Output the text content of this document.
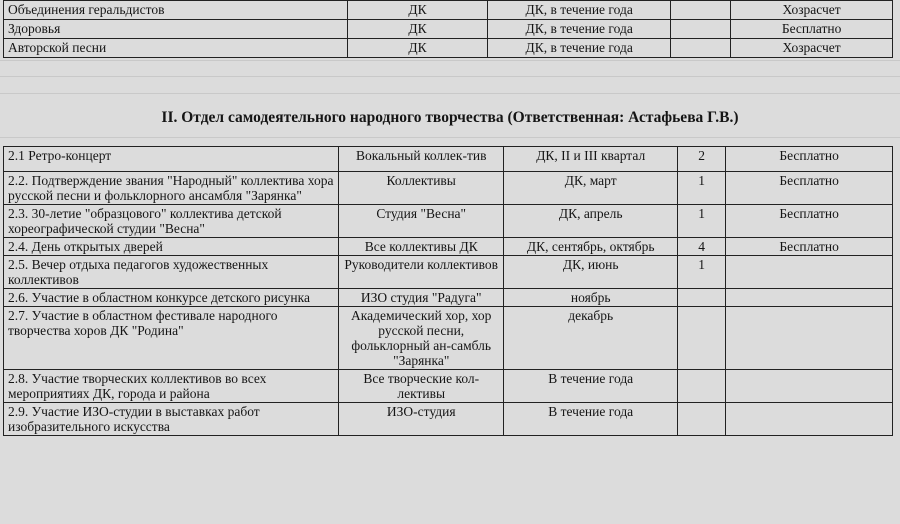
Объединения геральдистов	ДК	ДК, в течение года		Хозрасчет
Здоровья	ДК	ДК, в течение года		Бесплатно
Авторской песни	ДК	ДК, в течение года		Хозрасчет
II. Отдел самодеятельного народного творчества (Ответственная: Астафьева Г.В.)
2.1 Ретро-концерт	Вокальный коллек-тив	ДК, II и III квартал	2	Бесплатно
2.2. Подтверждение звания "Народный" коллектива хора русской песни и фольклорного ансамбля "Зарянка"	Коллективы	ДК, март	1	Бесплатно
2.3. 30-летие "образцового" коллектива детской хореографической студии "Весна"	Студия "Весна"	ДК, апрель	1	Бесплатно
2.4. День открытых дверей	Все коллективы ДК	ДК, сентябрь, октябрь	4	Бесплатно
2.5. Вечер отдыха педагогов художественных коллективов	Руководители коллективов	ДК, июнь	1	
2.6. Участие в областном конкурсе детского рисунка	ИЗО студия "Радуга"	ноябрь		
2.7. Участие в областном фестивале народного творчества хоров ДК "Родина"	Академический хор, хор русской песни, фольклорный ан-самбль "Зарянка"	декабрь		
2.8. Участие творческих коллективов во всех мероприятиях ДК, города и района	Все творческие кол-лективы	В течение года		
2.9. Участие ИЗО-студии в выставках работ изобразительного искусства	ИЗО-студия	В течение года		
